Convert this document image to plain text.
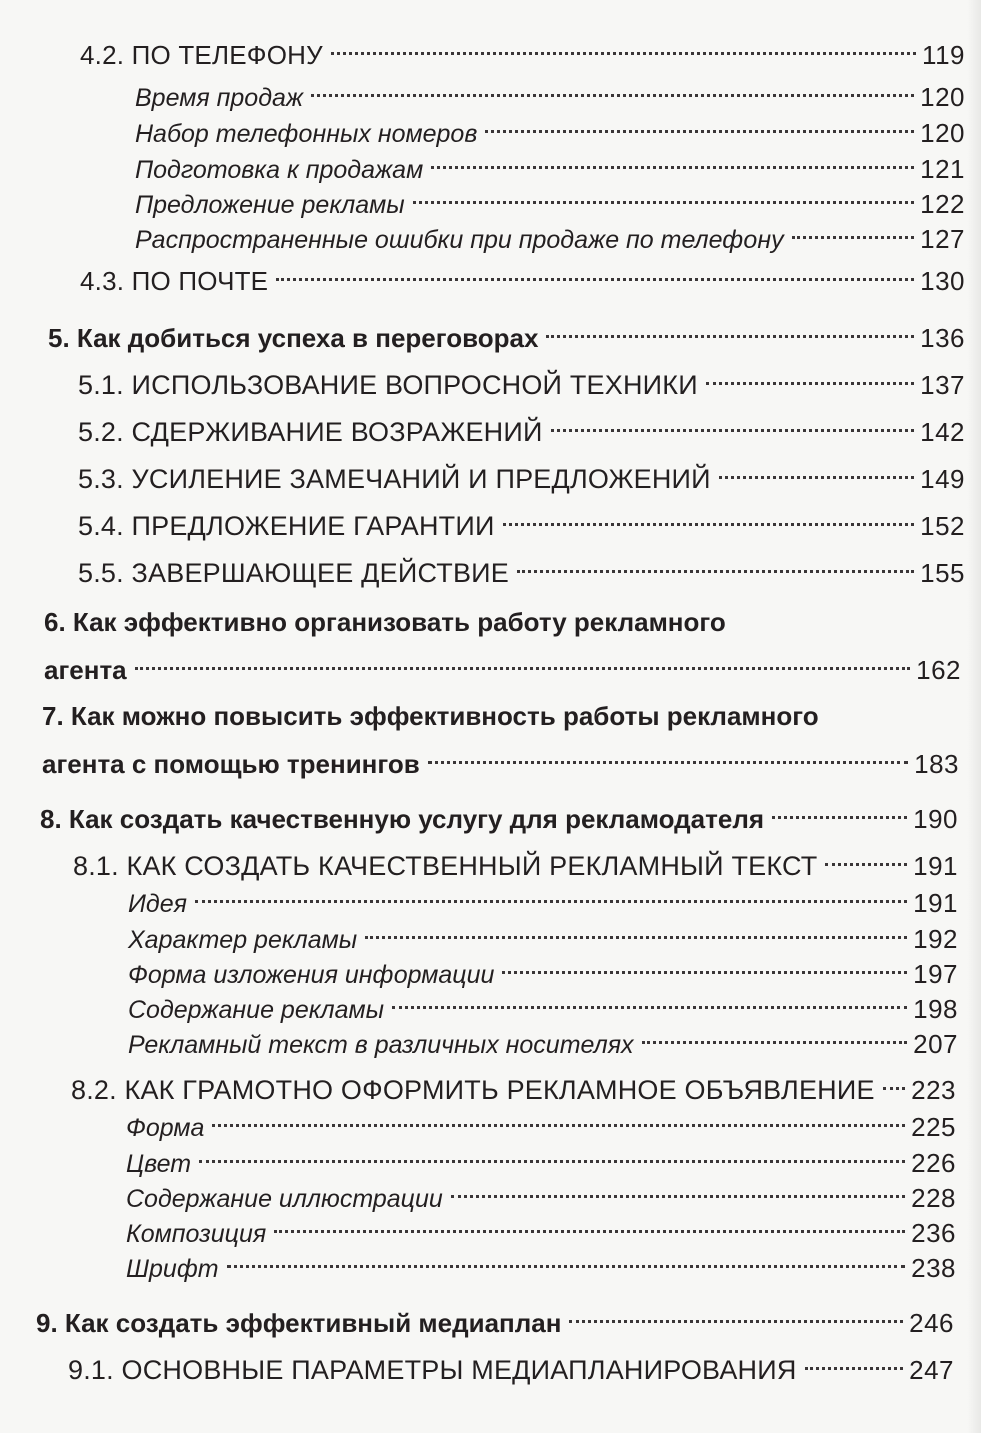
4.2. ПО ТЕЛЕФОНУ	119
Время продаж	120
Набор телефонных номеров	120
Подготовка к продажам	121
Предложение рекламы	122
Распространенные ошибки при продаже по телефону	127
4.3. ПО ПОЧТЕ	130
5. Как добиться успеха в переговорах	136
5.1. ИСПОЛЬЗОВАНИЕ ВОПРОСНОЙ ТЕХНИКИ	137
5.2. СДЕРЖИВАНИЕ ВОЗРАЖЕНИЙ	142
5.3. УСИЛЕНИЕ ЗАМЕЧАНИЙ И ПРЕДЛОЖЕНИЙ	149
5.4. ПРЕДЛОЖЕНИЕ ГАРАНТИИ	152
5.5. ЗАВЕРШАЮЩЕЕ ДЕЙСТВИЕ	155
6. Как эффективно организовать работу рекламного
агента	162
7. Как можно повысить эффективность работы рекламного
агента с помощью тренингов	183
8. Как создать качественную услугу для рекламодателя	190
8.1. КАК СОЗДАТЬ КАЧЕСТВЕННЫЙ РЕКЛАМНЫЙ ТЕКСТ	191
Идея	191
Характер рекламы	192
Форма изложения информации	197
Содержание рекламы	198
Рекламный текст в различных носителях	207
8.2. КАК ГРАМОТНО ОФОРМИТЬ РЕКЛАМНОЕ ОБЪЯВЛЕНИЕ 223
Форма	225
Цвет	226
Содержание иллюстрации	228
Композиция	236
Шрифт	238
9. Как создать эффективный медиаплан	246
9.1. ОСНОВНЫЕ ПАРАМЕТРЫ МЕДИАПЛАНИРОВАНИЯ	247
